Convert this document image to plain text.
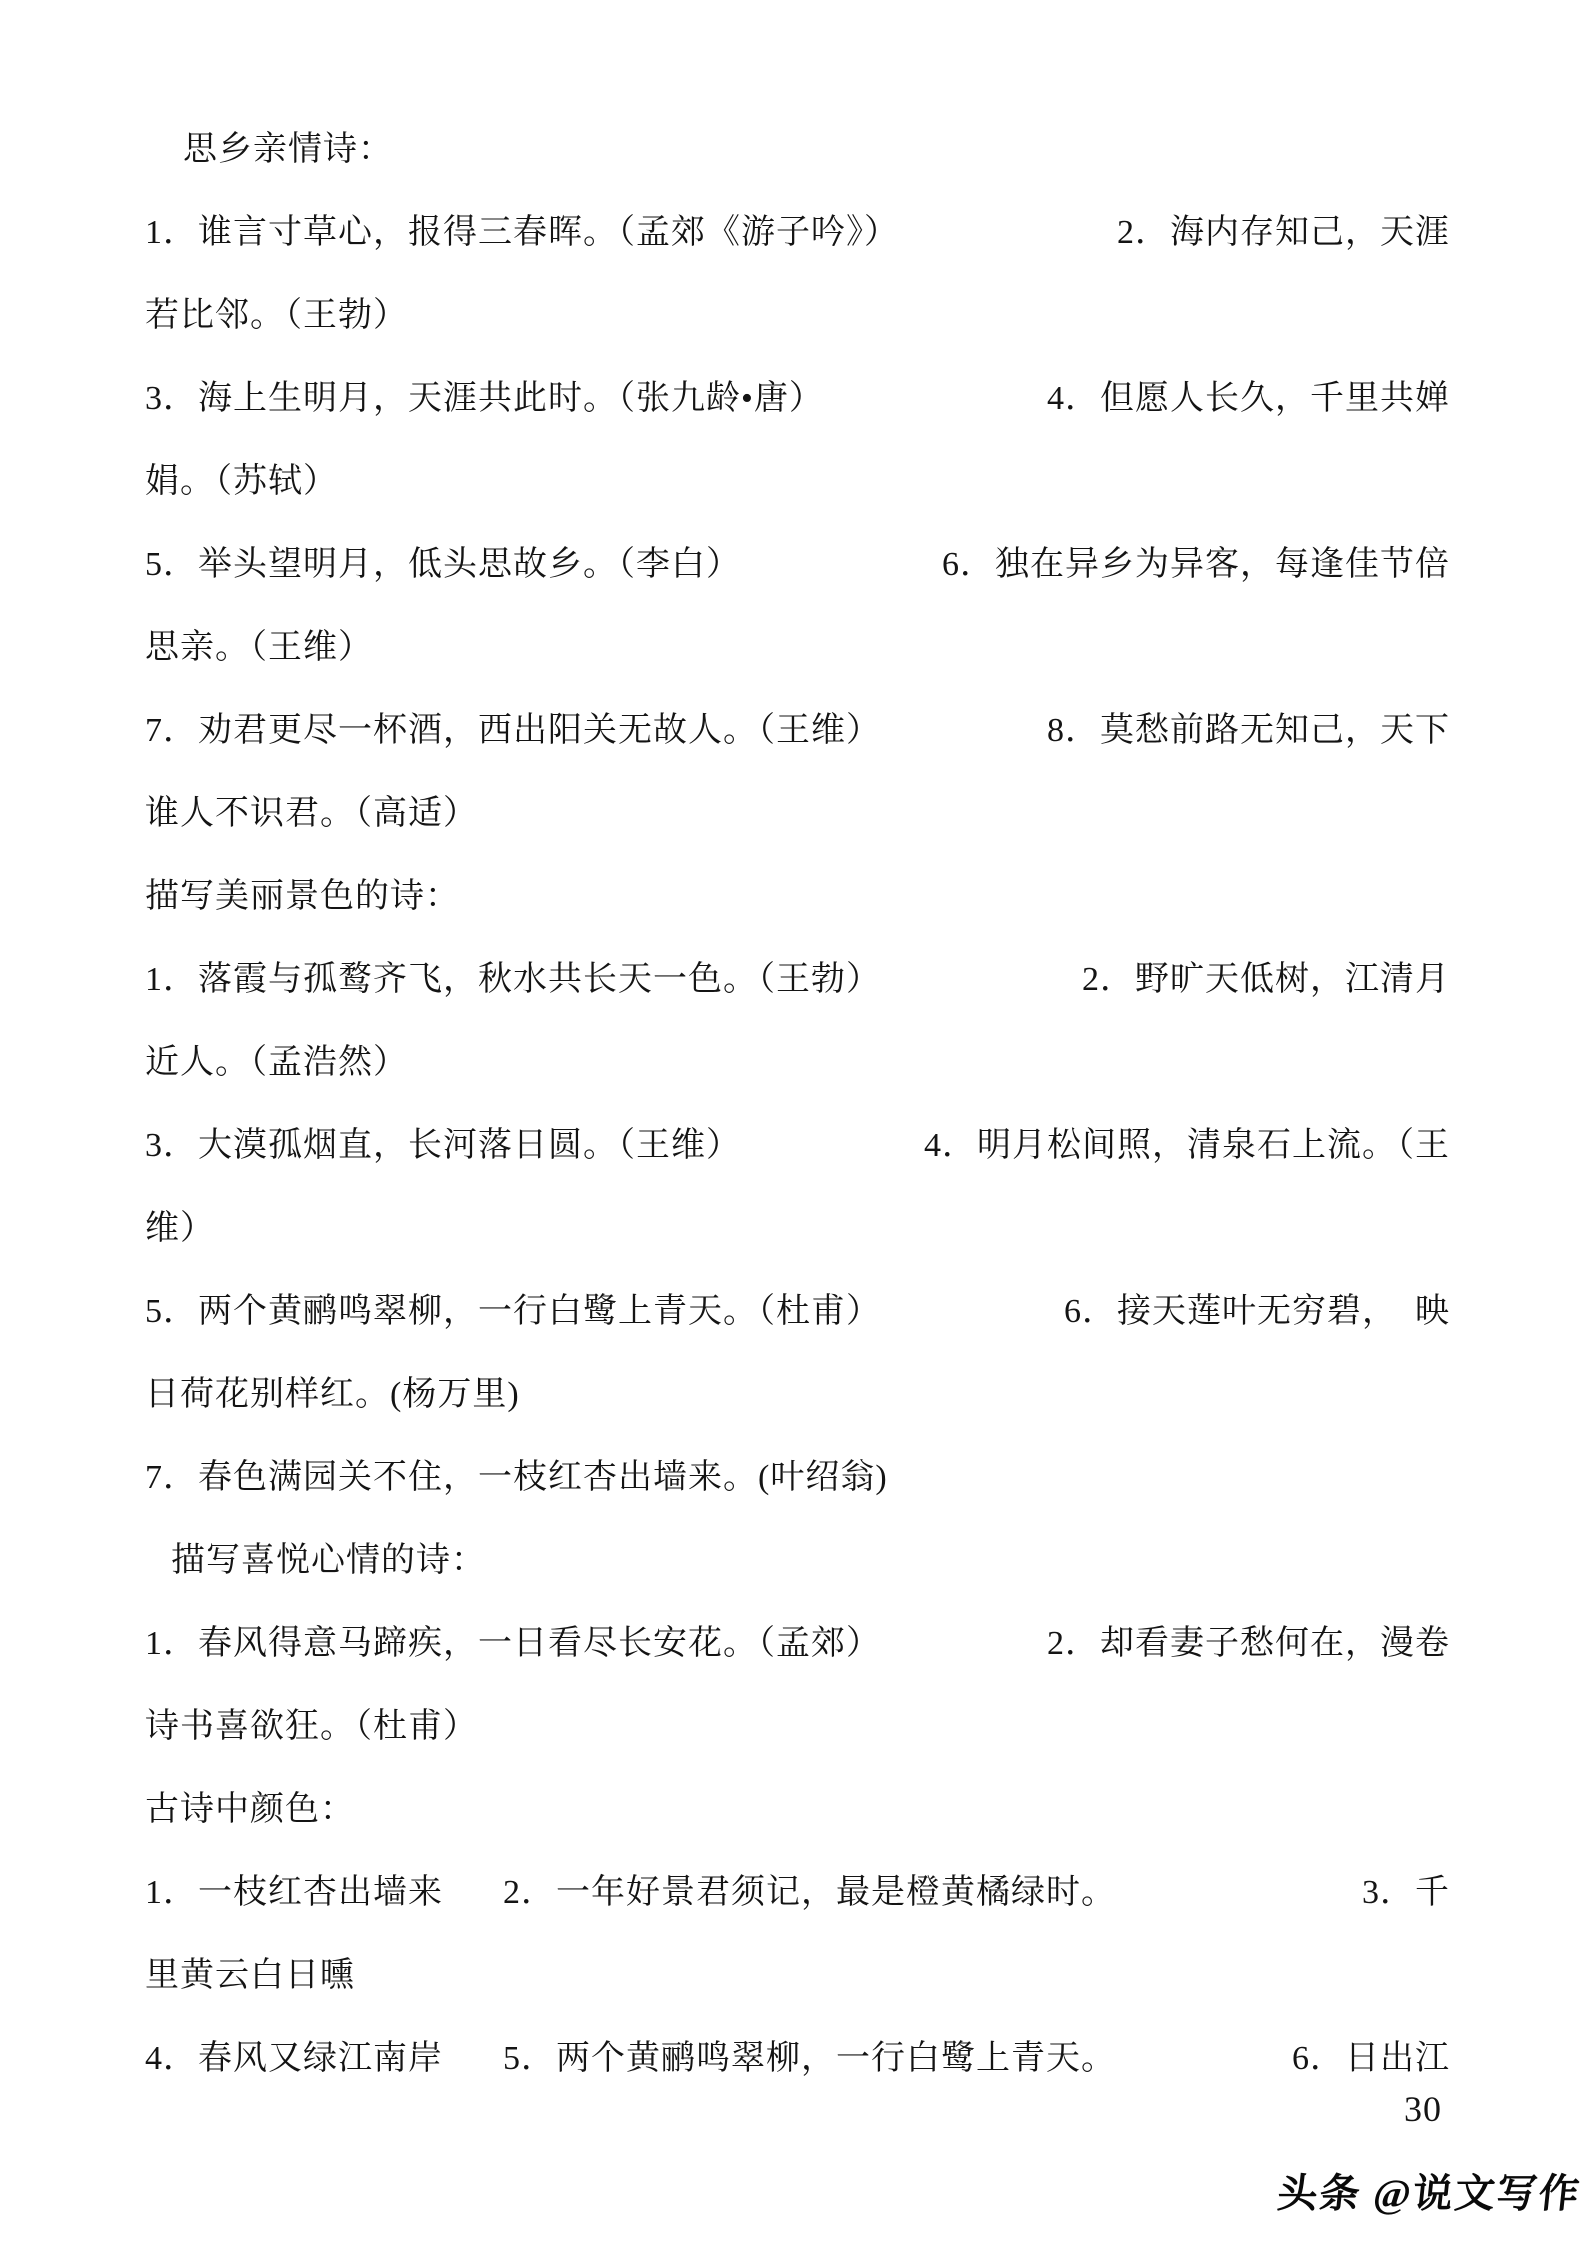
思乡亲情诗：
1．谁言寸草心，报得三春晖。（孟郊《游子吟》）	2．海内存知己，天涯
若比邻。（王勃）
3．海上生明月，天涯共此时。（张九龄•唐）	4．但愿人长久，千里共婵
娟。（苏轼）
5．举头望明月，低头思故乡。（李白）	6．独在异乡为异客，每逢佳节倍
思亲。（王维）
7．劝君更尽一杯酒，西出阳关无故人。（王维）	8．莫愁前路无知己，天下
谁人不识君。（高适）
描写美丽景色的诗：
1．落霞与孤鹜齐飞，秋水共长天一色。（王勃）	2．野旷天低树，江清月
近人。（孟浩然）
3．大漠孤烟直，长河落日圆。（王维）	4．明月松间照，清泉石上流。（王
维）
5．两个黄鹂鸣翠柳，一行白鹭上青天。（杜甫）	6．接天莲叶无穷碧，　映
日荷花别样红。(杨万里)
7．春色满园关不住，一枝红杏出墙来。(叶绍翁)
描写喜悦心情的诗：
1．春风得意马蹄疾，一日看尽长安花。（孟郊）	2．却看妻子愁何在，漫卷
诗书喜欲狂。（杜甫）
古诗中颜色：
1．一枝红杏出墙来 2．一年好景君须记，最是橙黄橘绿时。	3．千
里黄云白日曛
4．春风又绿江南岸 5．两个黄鹂鸣翠柳，一行白鹭上青天。	6．日出江
30
头条 @说文写作
